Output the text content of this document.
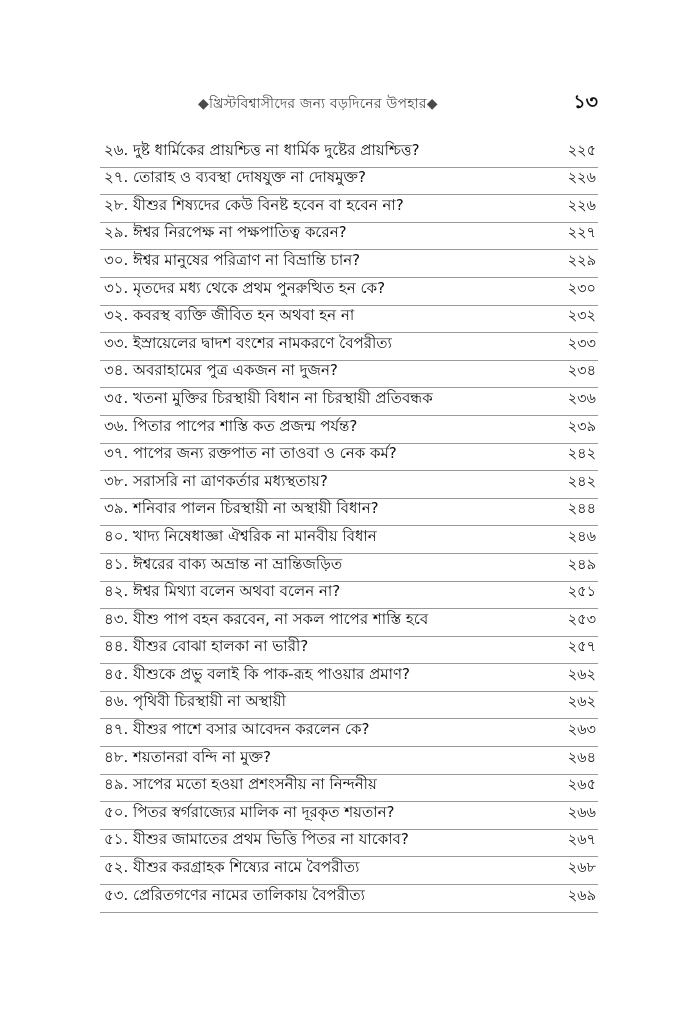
◆খ্রিস্টবিশ্বাসীদের জন্য বড়দিনের উপহার◆	১৩
২৬. দুষ্ট ধার্মিকের প্রায়শ্চিত্ত না ধার্মিক দুষ্টের প্রায়শ্চিত্ত?	২২৫
২৭. তোরাহ ও ব্যবস্থা দোষযুক্ত না দোষমুক্ত?	২২৬
২৮. যীশুর শিষ্যদের কেউ বিনষ্ট হবেন বা হবেন না?	২২৬
২৯. ঈশ্বর নিরপেক্ষ না পক্ষপাতিত্ব করেন?	২২৭
৩০. ঈশ্বর মানুষের পরিত্রাণ না বিভ্রান্তি চান?	২২৯
৩১. মৃতদের মধ্য থেকে প্রথম পুনরুত্থিত হন কে?	২৩০
৩২. কবরস্থ ব্যক্তি জীবিত হন অথবা হন না	২৩২
৩৩. ইস্রায়েলের দ্বাদশ বংশের নামকরণে বৈপরীত্য	২৩৩
৩৪. অবরাহামের পুত্র একজন না দুজন?	২৩৪
৩৫. খতনা মুক্তির চিরস্থায়ী বিধান না চিরস্থায়ী প্রতিবন্ধক	২৩৬
৩৬. পিতার পাপের শাস্তি কত প্রজন্ম পর্যন্ত?	২৩৯
৩৭. পাপের জন্য রক্তপাত না তাওবা ও নেক কর্ম?	২৪২
৩৮. সরাসরি না ত্রাণকর্তার মধ্যস্থতায়?	২৪২
৩৯. শনিবার পালন চিরস্থায়ী না অস্থায়ী বিধান?	২৪৪
৪০. খাদ্য নিষেধাজ্ঞা ঐশ্বরিক না মানবীয় বিধান	২৪৬
৪১. ঈশ্বরের বাক্য অভ্রান্ত না ভ্রান্তিজড়িত	২৪৯
৪২. ঈশ্বর মিথ্যা বলেন অথবা বলেন না?	২৫১
৪৩. যীশু পাপ বহন করবেন, না সকল পাপের শাস্তি হবে	২৫৩
৪৪. যীশুর বোঝা হালকা না ভারী?	২৫৭
৪৫. যীশুকে প্রভু বলাই কি পাক-রূহ পাওয়ার প্রমাণ?	২৬২
৪৬. পৃথিবী চিরস্থায়ী না অস্থায়ী	২৬২
৪৭. যীশুর পাশে বসার আবেদন করলেন কে?	২৬৩
৪৮. শয়তানরা বন্দি না মুক্ত?	২৬৪
৪৯. সাপের মতো হওয়া প্রশংসনীয় না নিন্দনীয়	২৬৫
৫০. পিতর স্বর্গরাজ্যের মালিক না দূরকৃত শয়তান?	২৬৬
৫১. যীশুর জামাতের প্রথম ভিত্তি পিতর না যাকোব?	২৬৭
৫২. যীশুর করগ্রাহক শিষ্যের নামে বৈপরীত্য	২৬৮
৫৩. প্রেরিতগণের নামের তালিকায় বৈপরীত্য	২৬৯
